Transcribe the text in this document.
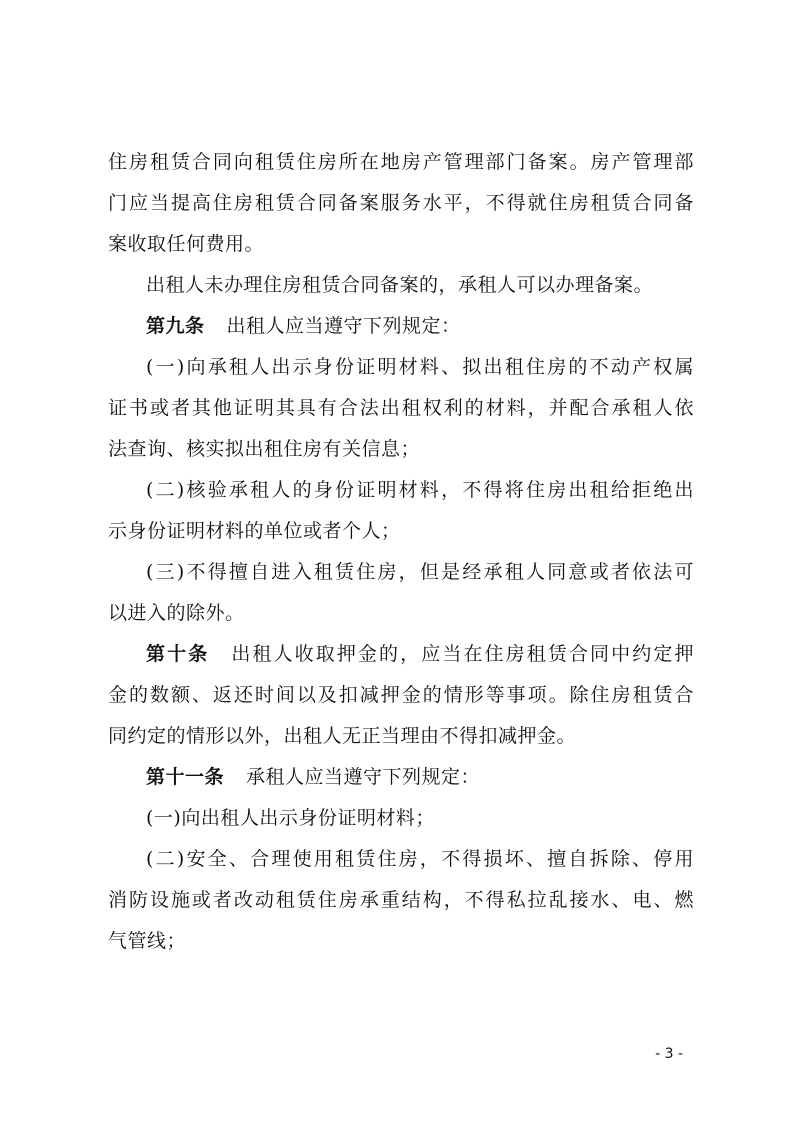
住房租赁合同向租赁住房所在地房产管理部门备案。房产管理部
门应当提高住房租赁合同备案服务水平，不得就住房租赁合同备
案收取任何费用。
出租人未办理住房租赁合同备案的，承租人可以办理备案。
第九条 出租人应当遵守下列规定：
(一)向承租人出示身份证明材料、拟出租住房的不动产权属
证书或者其他证明其具有合法出租权利的材料，并配合承租人依
法查询、核实拟出租住房有关信息；
(二)核验承租人的身份证明材料，不得将住房出租给拒绝出
示身份证明材料的单位或者个人；
(三)不得擅自进入租赁住房，但是经承租人同意或者依法可
以进入的除外。
第十条 出租人收取押金的，应当在住房租赁合同中约定押
金的数额、返还时间以及扣减押金的情形等事项。除住房租赁合
同约定的情形以外，出租人无正当理由不得扣减押金。
第十一条 承租人应当遵守下列规定：
(一)向出租人出示身份证明材料；
(二)安全、合理使用租赁住房，不得损坏、擅自拆除、停用
消防设施或者改动租赁住房承重结构，不得私拉乱接水、电、燃
气管线；
- 3 -
